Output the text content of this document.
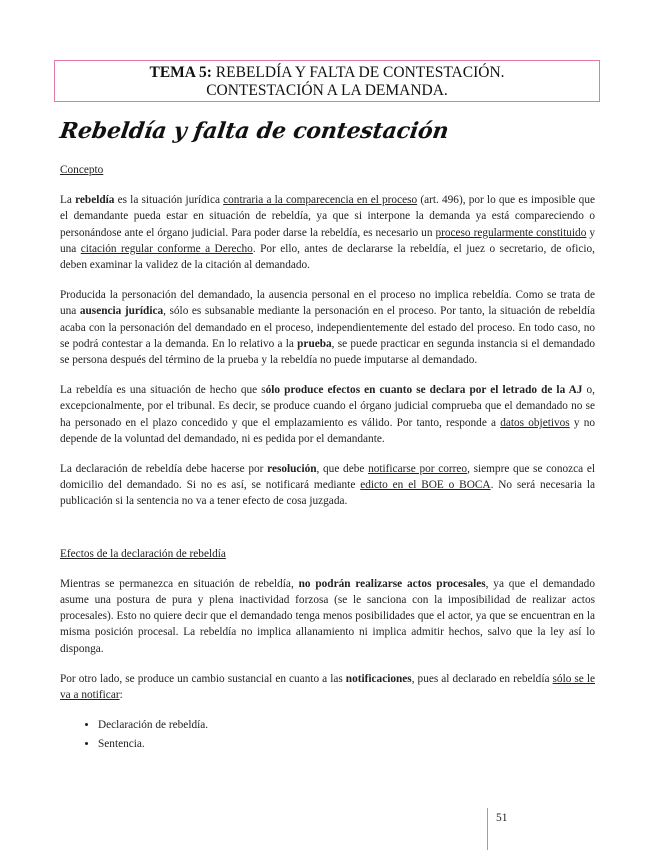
TEMA 5: REBELDÍA Y FALTA DE CONTESTACIÓN.
CONTESTACIÓN A LA DEMANDA.
Rebeldía y falta de contestación

Concepto

La rebeldía es la situación jurídica contraria a la comparecencia en el proceso (art. 496), por lo que es imposible que el demandante pueda estar en situación de rebeldía, ya que si interpone la demanda ya está compareciendo o personándose ante el órgano judicial. Para poder darse la rebeldía, es necesario un proceso regularmente constituido y una citación regular conforme a Derecho. Por ello, antes de declararse la rebeldía, el juez o secretario, de oficio, deben examinar la validez de la citación al demandado.

Producida la personación del demandado, la ausencia personal en el proceso no implica rebeldía. Como se trata de una ausencia jurídica, sólo es subsanable mediante la personación en el proceso. Por tanto, la situación de rebeldía acaba con la personación del demandado en el proceso, independientemente del estado del proceso. En todo caso, no se podrá contestar a la demanda. En lo relativo a la prueba, se puede practicar en segunda instancia si el demandado se persona después del término de la prueba y la rebeldía no puede imputarse al demandado.

La rebeldía es una situación de hecho que sólo produce efectos en cuanto se declara por el letrado de la AJ o, excepcionalmente, por el tribunal. Es decir, se produce cuando el órgano judicial comprueba que el demandado no se ha personado en el plazo concedido y que el emplazamiento es válido. Por tanto, responde a datos objetivos y no depende de la voluntad del demandado, ni es pedida por el demandante.

La declaración de rebeldía debe hacerse por resolución, que debe notificarse por correo, siempre que se conozca el domicilio del demandado. Si no es así, se notificará mediante edicto en el BOE o BOCA. No será necesaria la publicación si la sentencia no va a tener efecto de cosa juzgada.

Efectos de la declaración de rebeldía

Mientras se permanezca en situación de rebeldía, no podrán realizarse actos procesales, ya que el demandado asume una postura de pura y plena inactividad forzosa (se le sanciona con la imposibilidad de realizar actos procesales). Esto no quiere decir que el demandado tenga menos posibilidades que el actor, ya que se encuentran en la misma posición procesal. La rebeldía no implica allanamiento ni implica admitir hechos, salvo que la ley así lo disponga.

Por otro lado, se produce un cambio sustancial en cuanto a las notificaciones, pues al declarado en rebeldía sólo se le va a notificar:

• Declaración de rebeldía.
• Sentencia.
51
